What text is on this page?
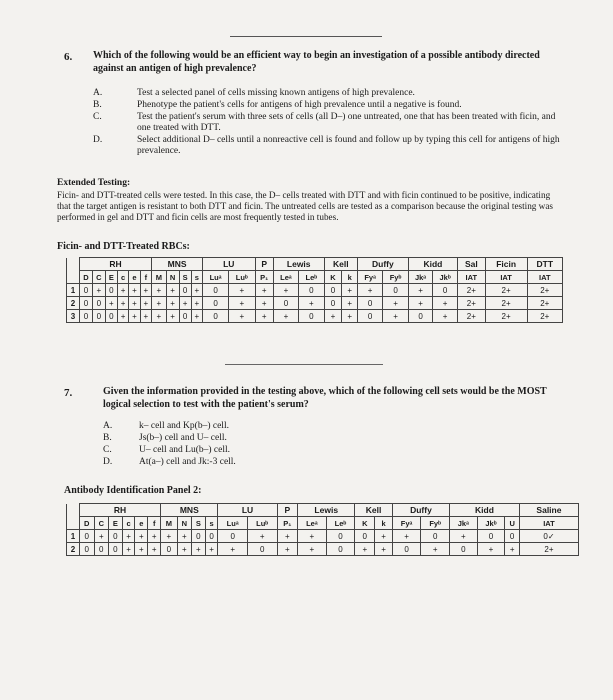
6. Which of the following would be an efficient way to begin an investigation of a possible antibody directed against an antigen of high prevalence?
A.	Test a selected panel of cells missing known antigens of high prevalence.
B.	Phenotype the patient's cells for antigens of high prevalence until a negative is found.
C.	Test the patient's serum with three sets of cells (all D–) one untreated, one that has been treated with ficin, and one treated with DTT.
D.	Select additional D– cells until a nonreactive cell is found and follow up by typing this cell for antigens of high prevalence.
Extended Testing:
Ficin- and DTT-treated cells were tested. In this case, the D– cells treated with DTT and with ficin continued to be positive, indicating that the target antigen is resistant to both DTT and ficin. The untreated cells are tested as a comparison because the original testing was performed in gel and DTT and ficin cells are most frequently tested in tubes.
Ficin- and DTT-Treated RBCs:
	RH						MNS				LU		P	Lewis		Kell		Duffy		Kidd		Sal	Ficin	DTT
	D	C	E	c	e	f	M	N	S	s	Luᵃ	Luᵇ	P₁	Leᵃ	Leᵇ	K	k	Fyᵃ	Fyᵇ	Jkᵃ	Jkᵇ	IAT	IAT	IAT
1	0	+	0	+	+	+	+	+	0	+	0	+	+	+	0	0	+	+	0	+	0	2+	2+	2+
2	0	0	+	+	+	+	+	+	+	+	0	+	+	0	+	0	+	0	+	+	+	2+	2+	2+
3	0	0	0	+	+	+	+	+	0	+	0	+	+	+	0	+	+	0	+	0	+	2+	2+	2+
7.	Given the information provided in the testing above, which of the following cell sets would be the MOST logical selection to test with the patient's serum?
A.	k– cell and Kp(b–) cell.
B.	Js(b–) cell and U– cell.
C.	U– cell and Lu(b–) cell.
D.	At(a–) cell and Jk:-3 cell.
Antibody Identification Panel 2:
	RH						MNS				LU		P	Lewis		Kell		Duffy		Kidd			Saline
	D	C	E	c	e	f	M	N	S	s	Luᵃ	Luᵇ	P₁	Leᵃ	Leᵇ	K	k	Fyᵃ	Fyᵇ	Jkᵃ	Jkᵇ	U	IAT
1	0	+	0	+	+	+	+	+	0	0	0	+	+	+	0	0	+	+	0	+	0	0	0✓
2	0	0	0	+	+	+	0	+	+	+	+	0	+	+	0	+	+	0	+	0	+	+	2+
